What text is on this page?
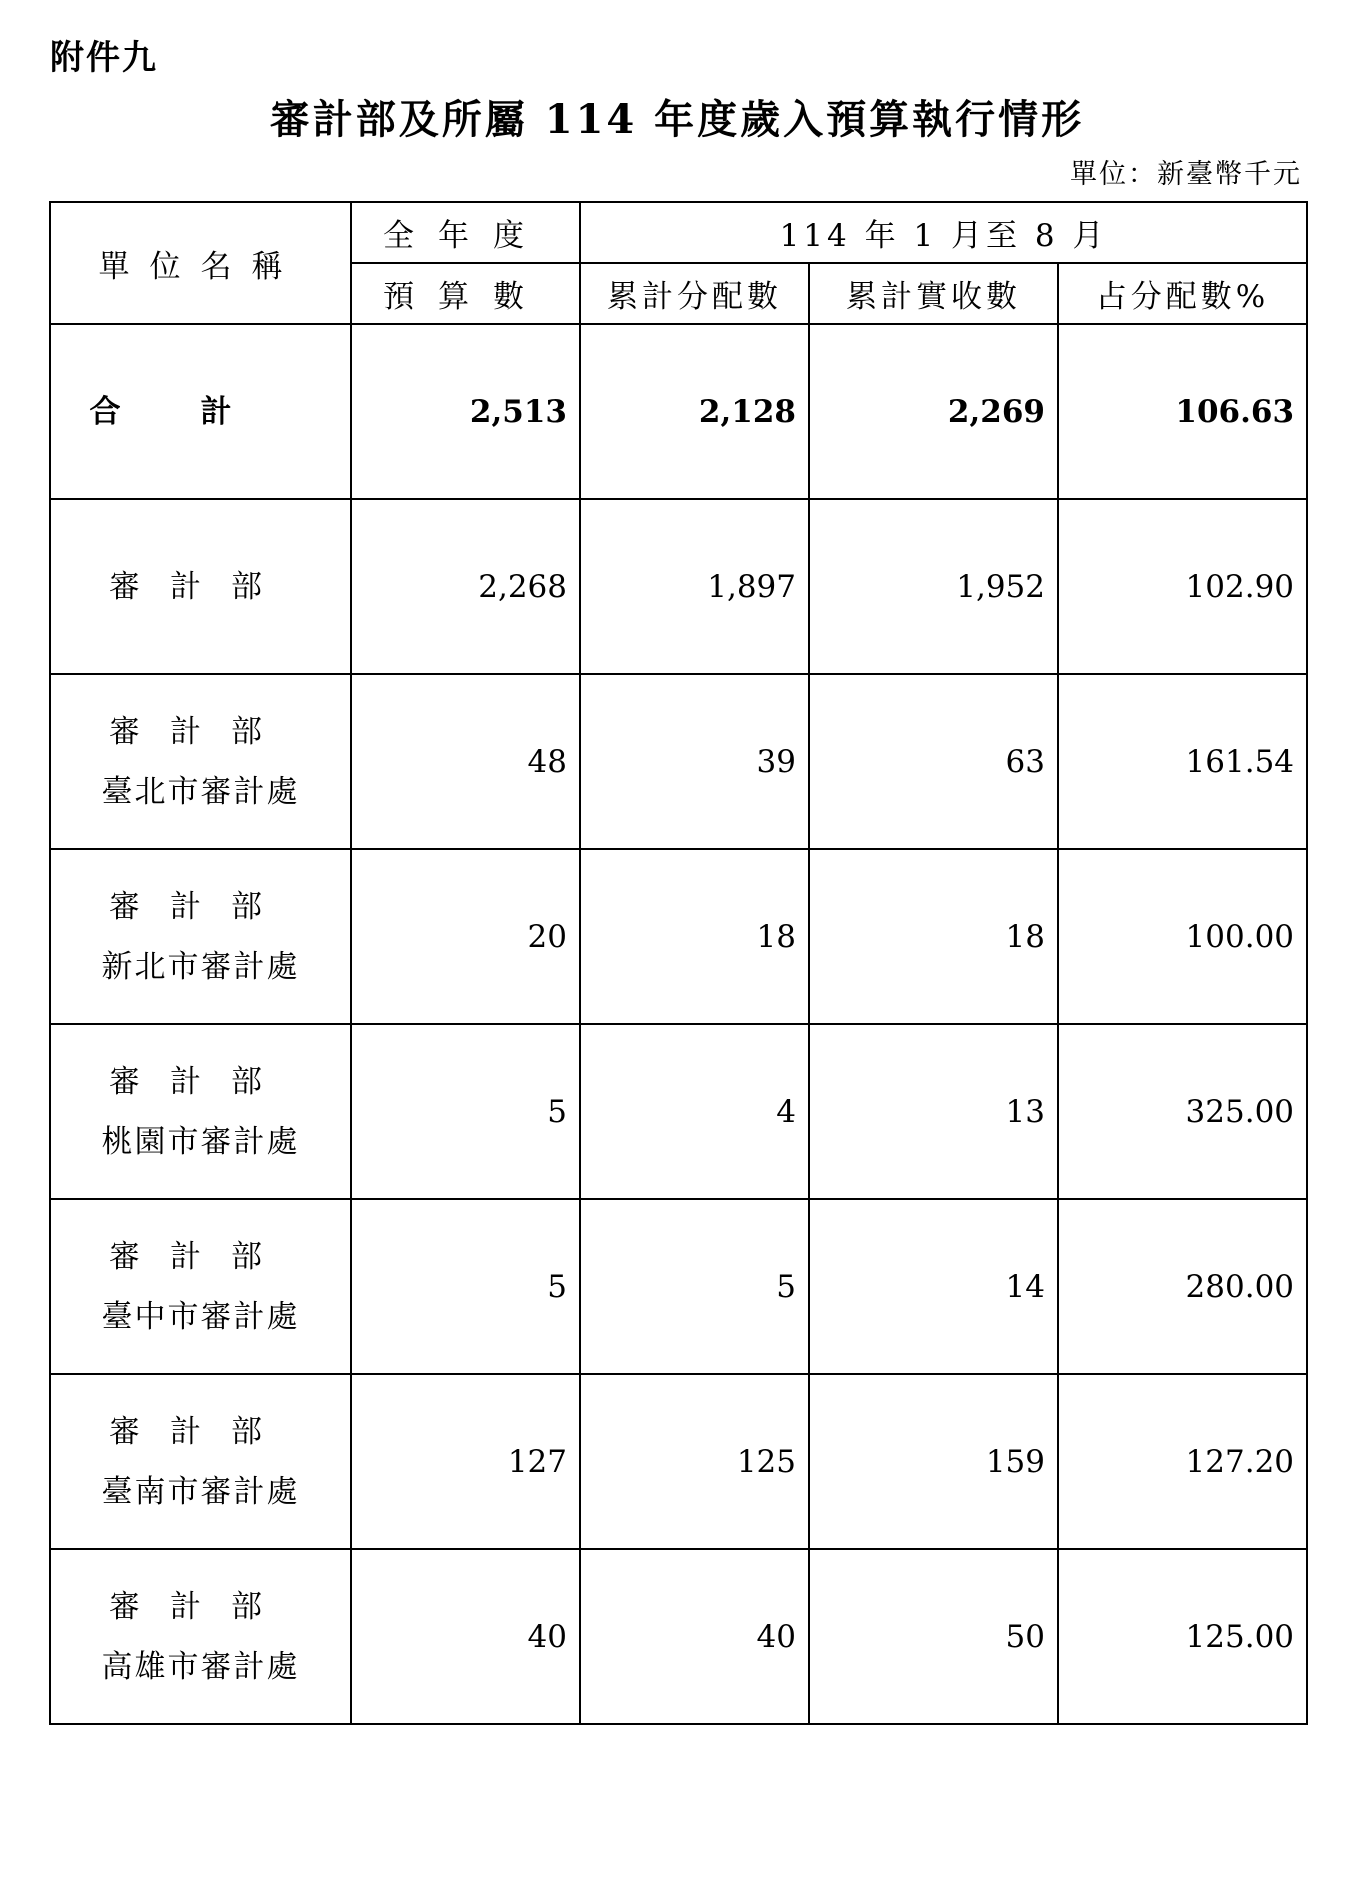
附件九
審計部及所屬 114 年度歲入預算執行情形
單位：新臺幣千元
單位名稱	全年度	114 年 1 月至 8 月		
	預算數	累計分配數	累計實收數	占分配數%

合計	2,513	2,128	2,269	106.63

審計部	2,268	1,897	1,952	102.90

審計部
臺北市審計處	48	39	63	161.54

審計部
新北市審計處	20	18	18	100.00

審計部
桃園市審計處	5	4	13	325.00

審計部
臺中市審計處	5	5	14	280.00

審計部
臺南市審計處	127	125	159	127.20

審計部
高雄市審計處	40	40	50	125.00
